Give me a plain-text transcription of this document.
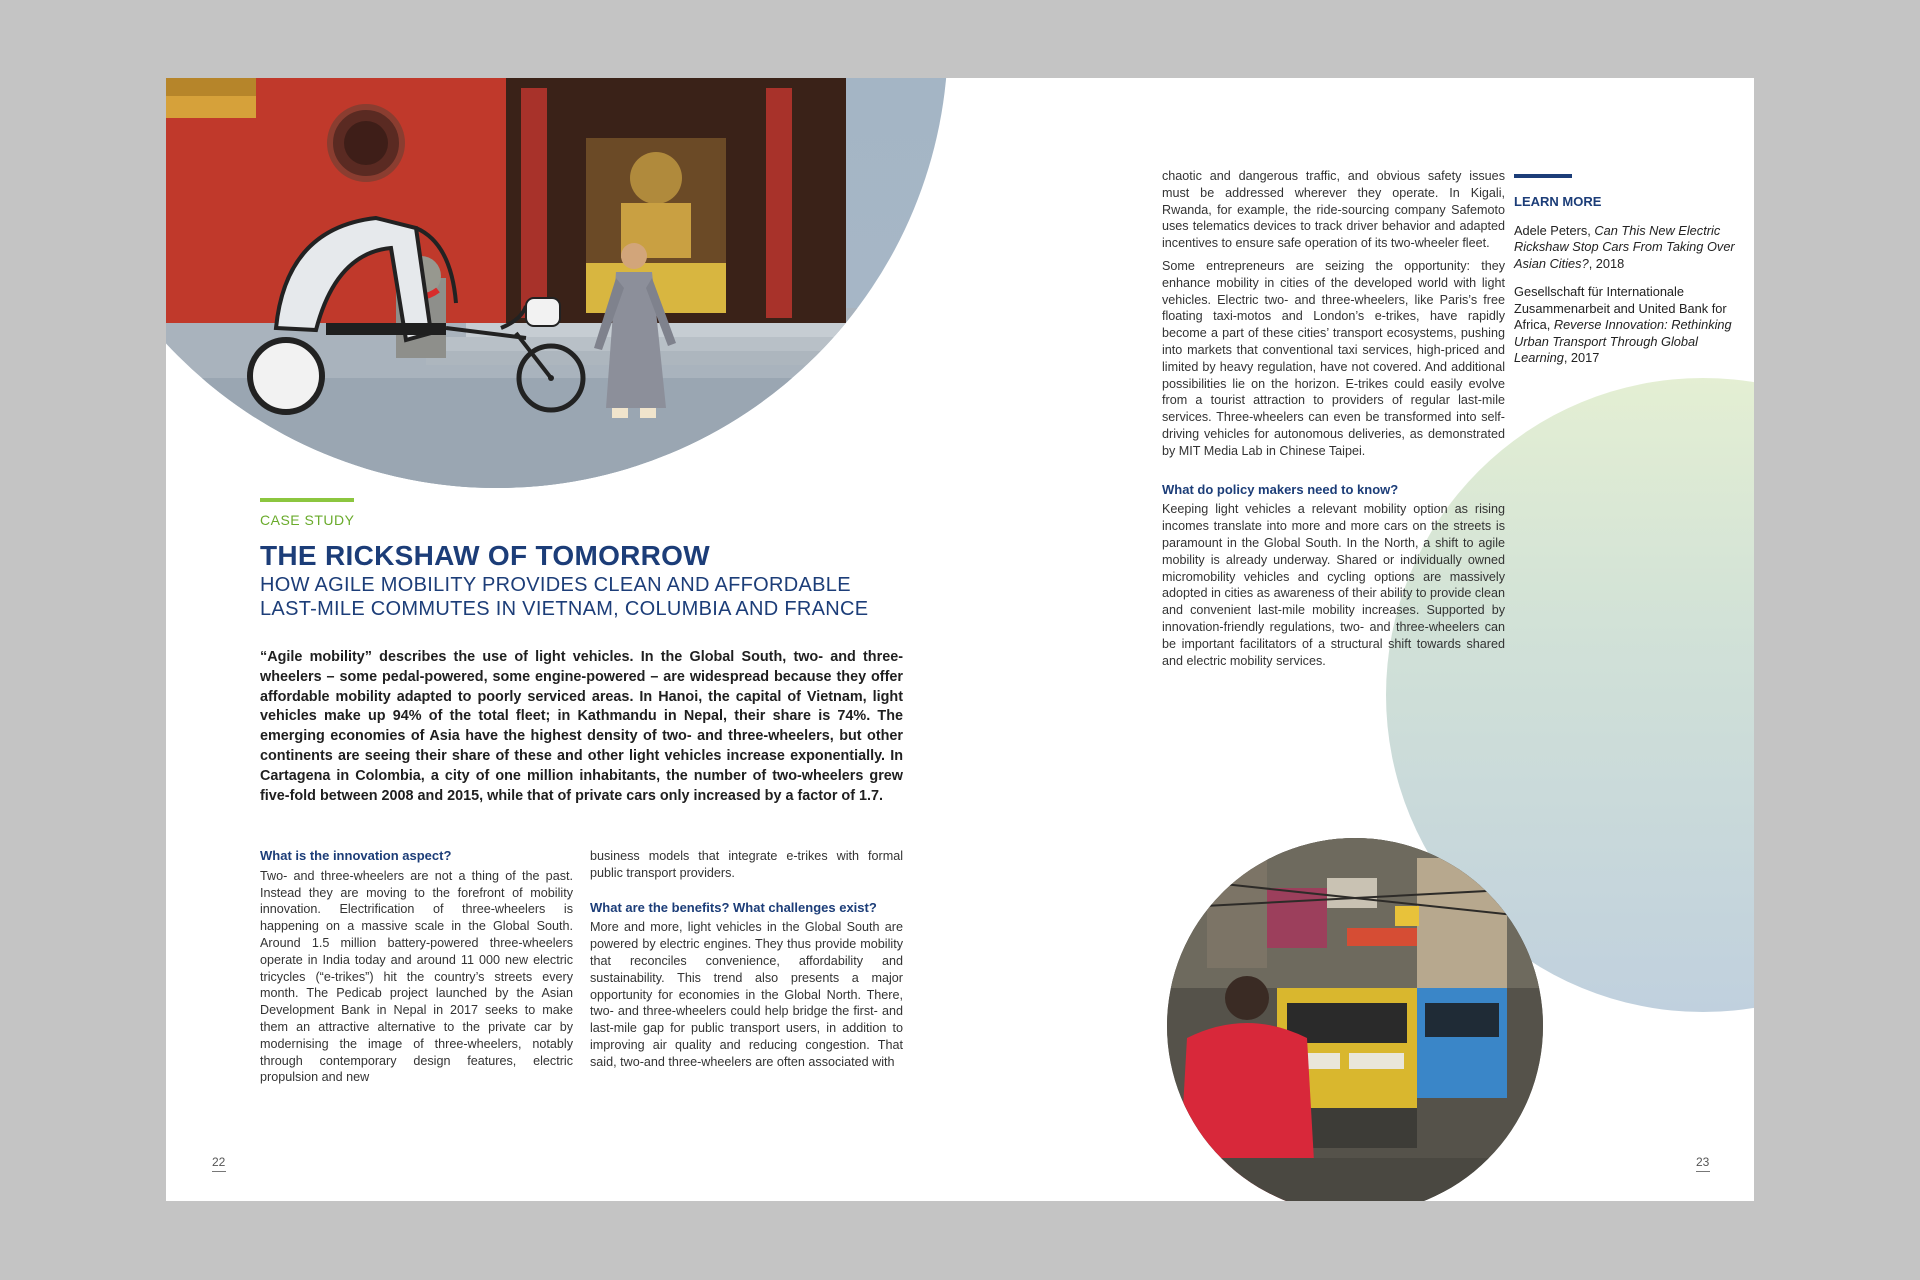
CASE STUDY
THE RICKSHAW OF TOMORROW
HOW AGILE MOBILITY PROVIDES CLEAN AND AFFORDABLE
LAST-MILE COMMUTES IN VIETNAM, COLUMBIA AND FRANCE
“Agile mobility” describes the use of light vehicles. In the Global South, two- and three-wheelers – some pedal-powered, some engine-powered – are widespread because they offer affordable mobility adapted to poorly serviced areas. In Hanoi, the capital of Vietnam, light vehicles make up 94% of the total fleet; in Kathmandu in Nepal, their share is 74%. The emerging economies of Asia have the highest density of two- and three-wheelers, but other continents are seeing their share of these and other light vehicles increase exponentially. In Cartagena in Colombia, a city of one million inhabitants, the number of two-wheelers grew five-fold between 2008 and 2015, while that of private cars only increased by a factor of 1.7.
What is the innovation aspect?

Two- and three-wheelers are not a thing of the past. Instead they are moving to the forefront of mobility innovation. Electrification of three-wheelers is happening on a massive scale in the Global South. Around 1.5 million battery-powered three-wheelers operate in India today and around 11 000 new electric tricycles (“e-trikes”) hit the country’s streets every month. The Pedicab project launched by the Asian Development Bank in Nepal in 2017 seeks to make them an attractive alternative to the private car by modernising the image of three-wheelers, notably through contemporary design features, electric propulsion and new

business models that integrate e-trikes with formal public transport providers.

What are the benefits? What challenges exist?

More and more, light vehicles in the Global South are powered by electric engines. They thus provide mobility that reconciles convenience, affordability and sustainability. This trend also presents a major opportunity for economies in the Global North. There, two- and three-wheelers could help bridge the first- and last-mile gap for public transport users, in addition to improving air quality and reducing congestion. That said, two-and three-wheelers are often associated with

22

chaotic and dangerous traffic, and obvious safety issues must be addressed wherever they operate. In Kigali, Rwanda, for example, the ride-sourcing company Safemoto uses telematics devices to track driver behavior and adapted incentives to ensure safe operation of its two-wheeler fleet.

Some entrepreneurs are seizing the opportunity: they enhance mobility in cities of the developed world with light vehicles. Electric two- and three-wheelers, like Paris’s free floating taxi-motos and London’s e-trikes, have rapidly become a part of these cities’ transport ecosystems, pushing into markets that conventional taxi services, high-priced and limited by heavy regulation, have not covered. And additional possibilities lie on the horizon. E-trikes could easily evolve from a tourist attraction to providers of regular last-mile services. Three-wheelers can even be transformed into self-driving vehicles for autonomous deliveries, as demonstrated by MIT Media Lab in Chinese Taipei.

What do policy makers need to know?

Keeping light vehicles a relevant mobility option as rising incomes translate into more and more cars on the streets is paramount in the Global South. In the North, a shift to agile mobility is already underway. Shared or individually owned micromobility vehicles and cycling options are massively adopted in cities as awareness of their ability to provide clean and convenient last-mile mobility increases. Supported by innovation-friendly regulations, two- and three-wheelers can be important facilitators of a structural shift towards shared and electric mobility services.

LEARN MORE

Adele Peters, Can This New Electric Rickshaw Stop Cars From Taking Over Asian Cities?, 2018

Gesellschaft für Internationale Zusammenarbeit and United Bank for Africa, Reverse Innovation: Rethinking Urban Transport Through Global Learning, 2017

23
